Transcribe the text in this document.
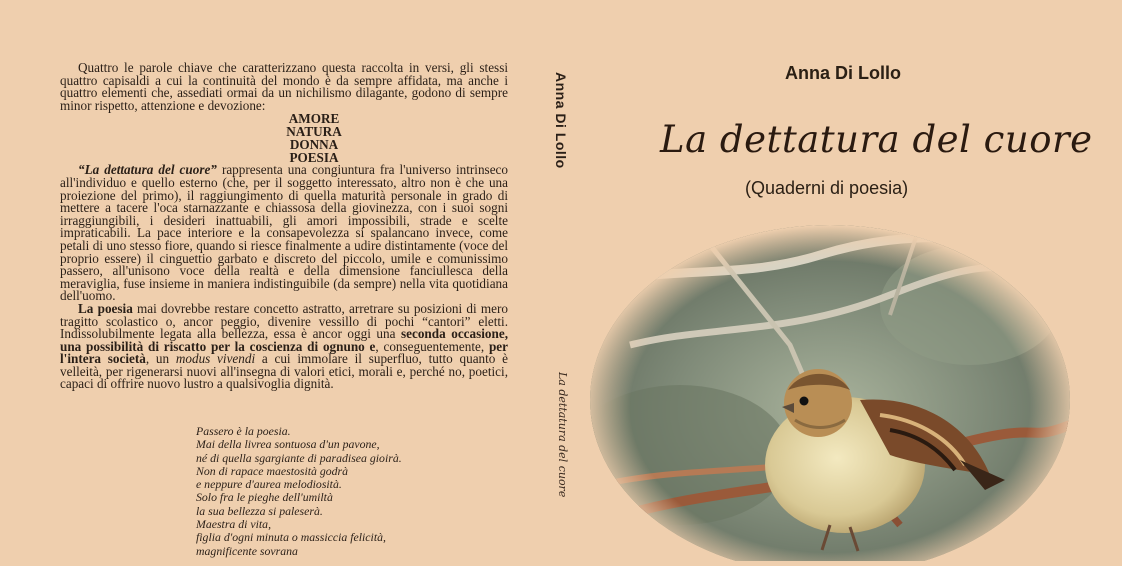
Quattro le parole chiave che caratterizzano questa raccolta in versi, gli stessi quattro capisaldi a cui la continuità del mondo è da sempre affidata, ma anche i quattro elementi che, assediati ormai da un nichilismo dilagante, godono di sempre minor rispetto, attenzione e devozione:

AMORE
NATURA
DONNA
POESIA

“La dettatura del cuore” rappresenta una congiuntura fra l'universo intrinseco all'individuo e quello esterno (che, per il soggetto interessato, altro non è che una proiezione del primo), il raggiungimento di quella maturità personale in grado di mettere a tacere l'oca starnazzante e chiassosa della giovinezza, con i suoi sogni irraggiungibili, i desideri inattuabili, gli amori impossibili, strade e scelte impraticabili. La pace interiore e la consapevolezza si spalancano invece, come petali di uno stesso fiore, quando si riesce finalmente a udire distintamente (voce del proprio essere) il cinguettio garbato e discreto del piccolo, umile e comunissimo passero, all'unisono voce della realtà e della dimensione fanciullesca della meraviglia, fuse insieme in maniera indistinguibile (da sempre) nella vita quotidiana dell'uomo.

La poesia mai dovrebbe restare concetto astratto, arretrare su posizioni di mero tragitto scolastico o, ancor peggio, divenire vessillo di pochi “cantori” eletti. Indissolubilmente legata alla bellezza, essa è ancor oggi una seconda occasione, una possibilità di riscatto per la coscienza di ognuno e, conseguentemente, per l'intera società, un modus vivendi a cui immolare il superfluo, tutto quanto è velleità, per rigenerarsi nuovi all'insegna di valori etici, morali e, perché no, poetici, capaci di offrire nuovo lustro a qualsivoglia dignità.

Passero è la poesia.
Mai della livrea sontuosa d'un pavone,
né di quella sgargiante di paradisea gioirà.
Non di rapace maestosità godrà
e neppure d'aurea melodiosità.
Solo fra le pieghe dell'umiltà
la sua bellezza si paleserà.
Maestra di vita,
figlia d'ogni minuta o massiccia felicità,
magnificente sovrana
Anna Di Lollo
La dettatura del cuore
Anna Di Lollo
La dettatura del cuore
(Quaderni di poesia)
